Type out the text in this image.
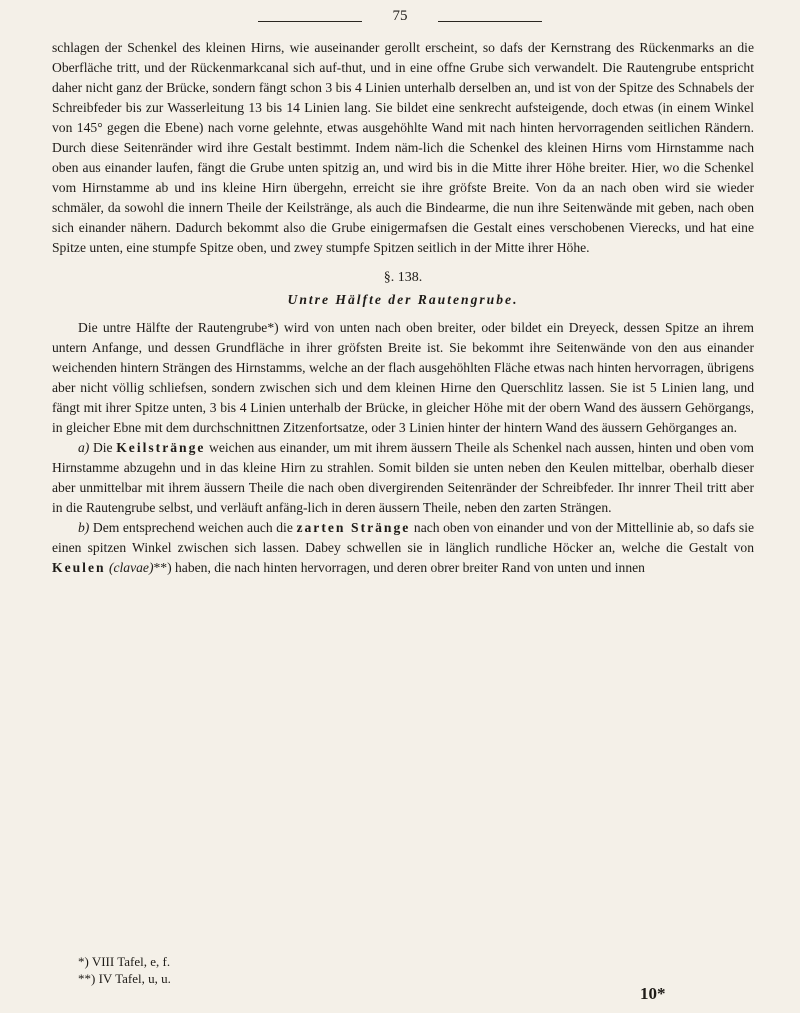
75

schlagen der Schenkel des kleinen Hirns, wie auseinander gerollt erscheint, so dafs der Kernstrang des Rückenmarks an die Oberfläche tritt, und der Rückenmarkcanal sich auf-thut, und in eine offne Grube sich verwandelt. Die Rautengrube entspricht daher nicht ganz der Brücke, sondern fängt schon 3 bis 4 Linien unterhalb derselben an, und ist von der Spitze des Schnabels der Schreibfeder bis zur Wasserleitung 13 bis 14 Linien lang. Sie bildet eine senkrecht aufsteigende, doch etwas (in einem Winkel von 145° gegen die Ebene) nach vorne gelehnte, etwas ausgehöhlte Wand mit nach hinten hervorragenden seitlichen Rändern. Durch diese Seitenränder wird ihre Gestalt bestimmt. Indem näm-lich die Schenkel des kleinen Hirns vom Hirnstamme nach oben aus einander laufen, fängt die Grube unten spitzig an, und wird bis in die Mitte ihrer Höhe breiter. Hier, wo die Schenkel vom Hirnstamme ab und ins kleine Hirn übergehn, erreicht sie ihre gröfste Breite. Von da an nach oben wird sie wieder schmäler, da sowohl die innern Theile der Keilstränge, als auch die Bindearme, die nun ihre Seitenwände mit geben, nach oben sich einander nähern. Dadurch bekommt also die Grube einigermafsen die Gestalt eines verschobenen Vierecks, und hat eine Spitze unten, eine stumpfe Spitze oben, und zwey stumpfe Spitzen seitlich in der Mitte ihrer Höhe.

§. 138.
Untre Hälfte der Rautengrube.

Die untre Hälfte der Rautengrube*) wird von unten nach oben breiter, oder bildet ein Dreyeck, dessen Spitze an ihrem untern Anfange, und dessen Grundfläche in ihrer gröfsten Breite ist. Sie bekommt ihre Seitenwände von den aus einander weichenden hintern Strängen des Hirnstamms, welche an der flach ausgehöhlten Fläche etwas nach hinten hervorragen, übrigens aber nicht völlig schliefsen, sondern zwischen sich und dem kleinen Hirne den Querschlitz lassen. Sie ist 5 Linien lang, und fängt mit ihrer Spitze unten, 3 bis 4 Linien unterhalb der Brücke, in gleicher Höhe mit der obern Wand des äussern Gehörgangs, in gleicher Ebne mit dem durchschnittnen Zitzenfortsatze, oder 3 Linien hinter der hintern Wand des äussern Gehörganges an.

a) Die Keilstränge weichen aus einander, um mit ihrem äussern Theile als Schenkel nach aussen, hinten und oben vom Hirnstamme abzugehn und in das kleine Hirn zu strahlen. Somit bilden sie unten neben den Keulen mittelbar, oberhalb dieser aber unmittelbar mit ihrem äussern Theile die nach oben divergirenden Seitenränder der Schreibfeder. Ihr innrer Theil tritt aber in die Rautengrube selbst, und verläuft anfäng-lich in deren äussern Theile, neben den zarten Strängen.

b) Dem entsprechend weichen auch die zarten Stränge nach oben von einander und von der Mittellinie ab, so dafs sie einen spitzen Winkel zwischen sich lassen. Dabey schwellen sie in länglich rundliche Höcker an, welche die Gestalt von Keulen (clavae)**) haben, die nach hinten hervorragen, und deren obrer breiter Rand von unten und innen

*) VIII Tafel, e, f.
**) IV Tafel, u, u.
10*
